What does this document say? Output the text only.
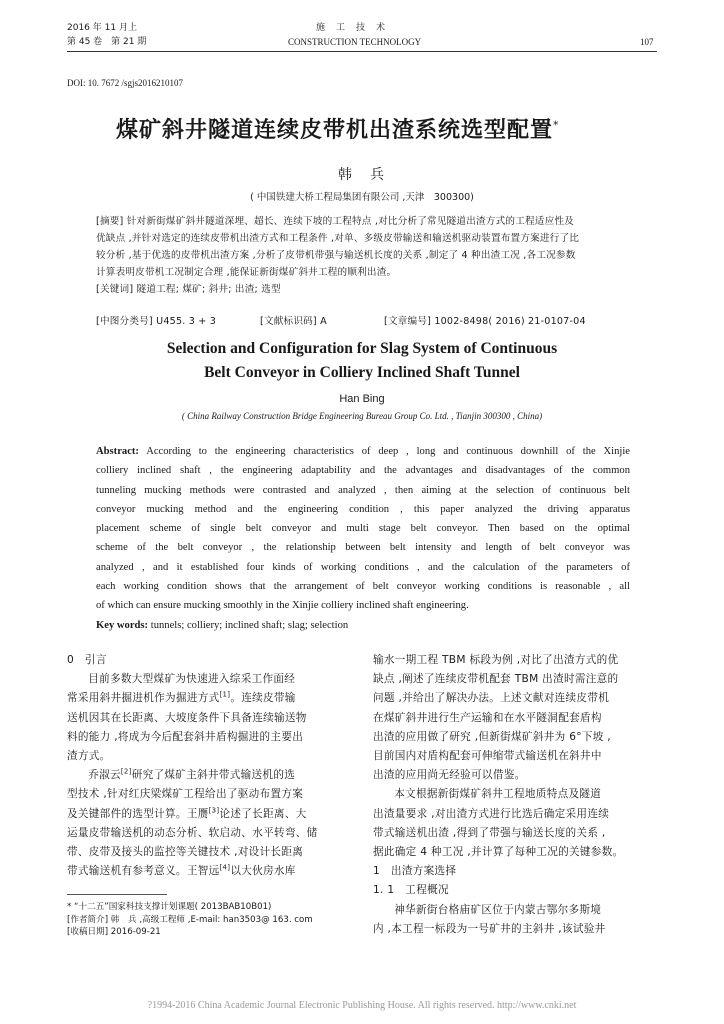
2016 年 11 月上
第 45 卷　第 21 期
施　工　技　术
CONSTRUCTION TECHNOLOGY	107
DOI: 10. 7672 /sgjs2016210107
煤矿斜井隧道连续皮带机出渣系统选型配置*
韩　兵
( 中国铁建大桥工程局集团有限公司 ,天津　300300)

[摘要] 针对新街煤矿斜井隧道深埋、超长、连续下坡的工程特点 ,对比分析了常见隧道出渣方式的工程适应性及

优缺点 ,并针对选定的连续皮带机出渣方式和工程条件 ,对单、多级皮带输送和输送机驱动装置布置方案进行了比

较分析 ,基于优选的皮带机出渣方案 ,分析了皮带机带强与输送机长度的关系 ,制定了 4 种出渣工况 ,各工况参数

计算表明皮带机工况制定合理 ,能保证新街煤矿斜井工程的顺利出渣。

[关键词] 隧道工程; 煤矿; 斜井; 出渣; 选型

[中图分类号] U455. 3 + 3	[文献标识码] A	[文章编号] 1002-8498( 2016) 21-0107-04
Selection and Configuration for Slag System of Continuous
Belt Conveyor in Colliery Inclined Shaft Tunnel
Han Bing
( China Railway Construction Bridge Engineering Bureau Group Co. Ltd. , Tianjin 300300 , China)

Abstract: According to the engineering characteristics of deep , long and continuous downhill of the Xinjie

colliery inclined shaft , the engineering adaptability and the advantages and disadvantages of the common

tunneling mucking methods were contrasted and analyzed , then aiming at the selection of continuous belt

conveyor mucking method and the engineering condition , this paper analyzed the driving apparatus

placement scheme of single belt conveyor and multi stage belt conveyor. Then based on the optimal

scheme of the belt conveyor , the relationship between belt intensity and length of belt conveyor was

analyzed , and it established four kinds of working conditions , and the calculation of the parameters of

each working condition shows that the arrangement of belt conveyor working conditions is reasonable , all

of which can ensure mucking smoothly in the Xinjie colliery inclined shaft engineering.

Key words: tunnels; colliery; inclined shaft; slag; selection

0　引言

目前多数大型煤矿为快速进入综采工作面经

常采用斜井掘进机作为掘进方式[1]。连续皮带输

送机因其在长距离、大坡度条件下具备连续输送物

料的能力 ,将成为今后配套斜井盾构掘进的主要出

渣方式。

乔淑云[2]研究了煤矿主斜井带式输送机的选

型技术 ,针对红庆梁煤矿工程给出了驱动布置方案

及关键部件的选型计算。王赝[3]论述了长距离、大

运量皮带输送机的动态分析、软启动、水平转弯、储

带、皮带及接头的监控等关键技术 ,对设计长距离

带式输送机有参考意义。王智远[4]以大伙房水库

* “十二五”国家科技支撑计划课题( 2013BAB10B01)
[作者简介] 韩　兵 ,高级工程师 ,E-mail: han3503@ 163. com
[收稿日期] 2016-09-21

输水一期工程 TBM 标段为例 ,对比了出渣方式的优

缺点 ,阐述了连续皮带机配套 TBM 出渣时需注意的

问题 ,并给出了解决办法。上述文献对连续皮带机

在煤矿斜井进行生产运输和在水平隧洞配套盾构

出渣的应用做了研究 ,但新街煤矿斜井为 6°下坡 ,

目前国内对盾构配套可伸缩带式输送机在斜井中

出渣的应用尚无经验可以借鉴。

本文根据新街煤矿斜井工程地质特点及隧道

出渣量要求 ,对出渣方式进行比选后确定采用连续

带式输送机出渣 ,得到了带强与输送长度的关系 ,

据此确定 4 种工况 ,并计算了每种工况的关键参数。

1　出渣方案选择

1. 1　工程概况

神华新街台格庙矿区位于内蒙古鄂尔多斯境

内 ,本工程一标段为一号矿井的主斜井 ,该试验井

?1994-2016 China Academic Journal Electronic Publishing House. All rights reserved. http://www.cnki.net
